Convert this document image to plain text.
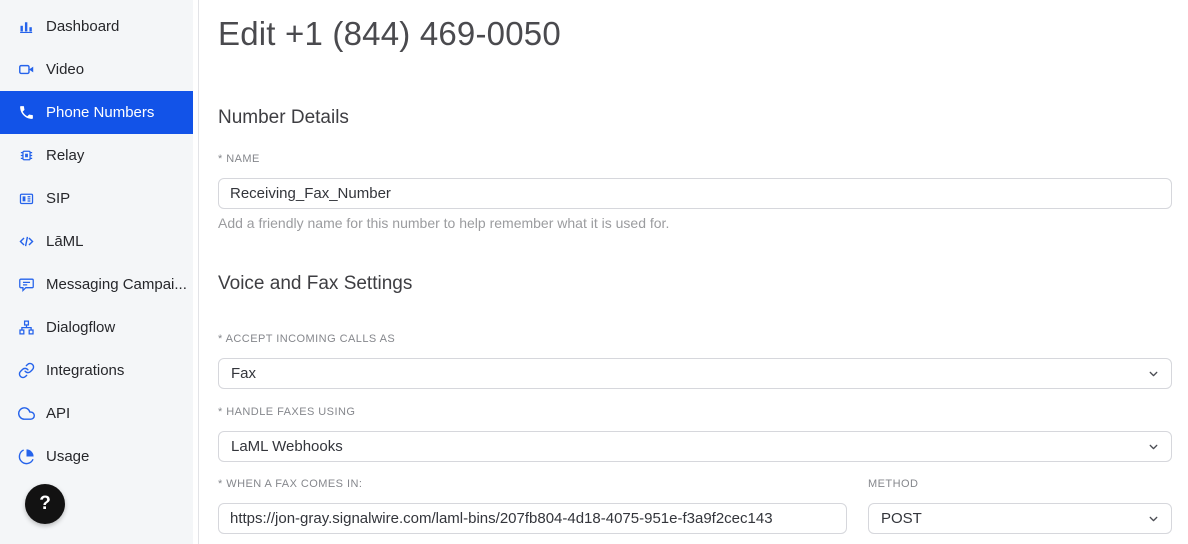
Dashboard
Video
Phone Numbers
Relay
SIP
LāML
Messaging Campai...
Dialogflow
Integrations
API
Usage
?
Edit +1 (844) 469-0050
Number Details
* NAME
Receiving_Fax_Number
Add a friendly name for this number to help remember what it is used for.
Voice and Fax Settings
* ACCEPT INCOMING CALLS AS
Fax
* HANDLE FAXES USING
LaML Webhooks
* WHEN A FAX COMES IN:
https://jon-gray.signalwire.com/laml-bins/207fb804-4d18-4075-951e-f3a9f2cec143	METHOD
POST
